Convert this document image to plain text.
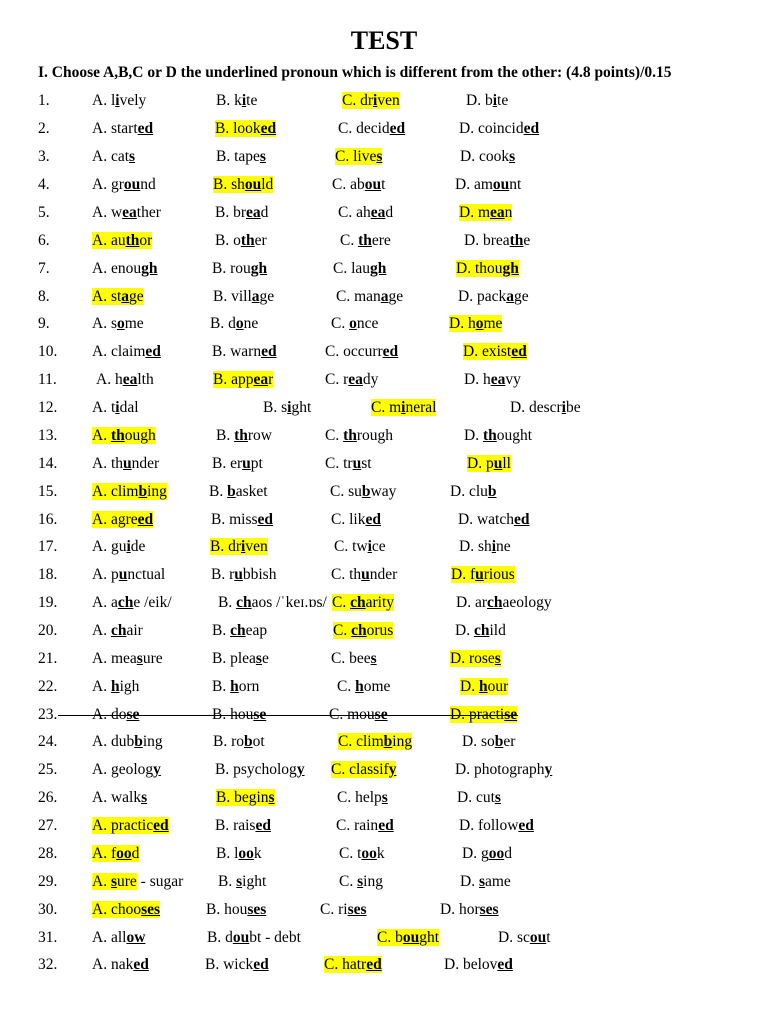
TEST

I. Choose A,B,C or D the underlined pronoun which is different from the other: (4.8 points)/0.15

1.	A. lively	B. kite	C. driven	D. bite
2.	A. started	B. looked	C. decided	D. coincided
3.	A. cats	B. tapes	C. lives	D. cooks
4.	A. ground	B. should	C. about	D. amount
5.	A. weather	B. bread	C. ahead	D. mean
6.	A. author	B. other	C. there	D. breathe
7.	A. enough	B. rough	C. laugh	D. though
8.	A. stage	B. village	C. manage	D. package
9.	A. some	B. done	C. once	D. home
10. A. claimed	B. warned	C. occurred	D. existed
11.	A. health	B. appear	C. ready	D. heavy
12. A. tidal	B. sight	C. mineral	D. describe
13. A. though	B. throw	C. through	D. thought
14. A. thunder	B. erupt	C. trust	D. pull
15. A. climbing	B. basket	C. subway	D. club
16. A. agreed	B. missed	C. liked	D. watched
17. A. guide	B. driven	C. twice	D. shine
18. A. punctual	B. rubbish	C. thunder	D. furious
19. A. ache /eik/	B. chaos /ˈkeɪ.ɒs/ C. charity	D. archaeology
20. A. chair	B. cheap	C. chorus	D. child
21. A. measure	B. please	C. bees	D. roses
22. A. high	B. horn	C. home	D. hour
23. A. dose	B. house	C. mouse	D. practise
24. A. dubbing	B. robot	C. climbing	D. sober
25. A. geology	B. psychology C. classify	D. photography
26. A. walks	B. begins	C. helps	D. cuts
27. A. practiced	B. raised	C. rained	D. followed
28. A. food	B. look	C. took	D. good
29. A. sure - sugar B. sight	C. sing	D. same
30. A. chooses	B. houses	C. rises	D. horses
31. A. allow	B. doubt - debt	C. bought	D. scout
32. A. naked	B. wicked	C. hatred	D. beloved
